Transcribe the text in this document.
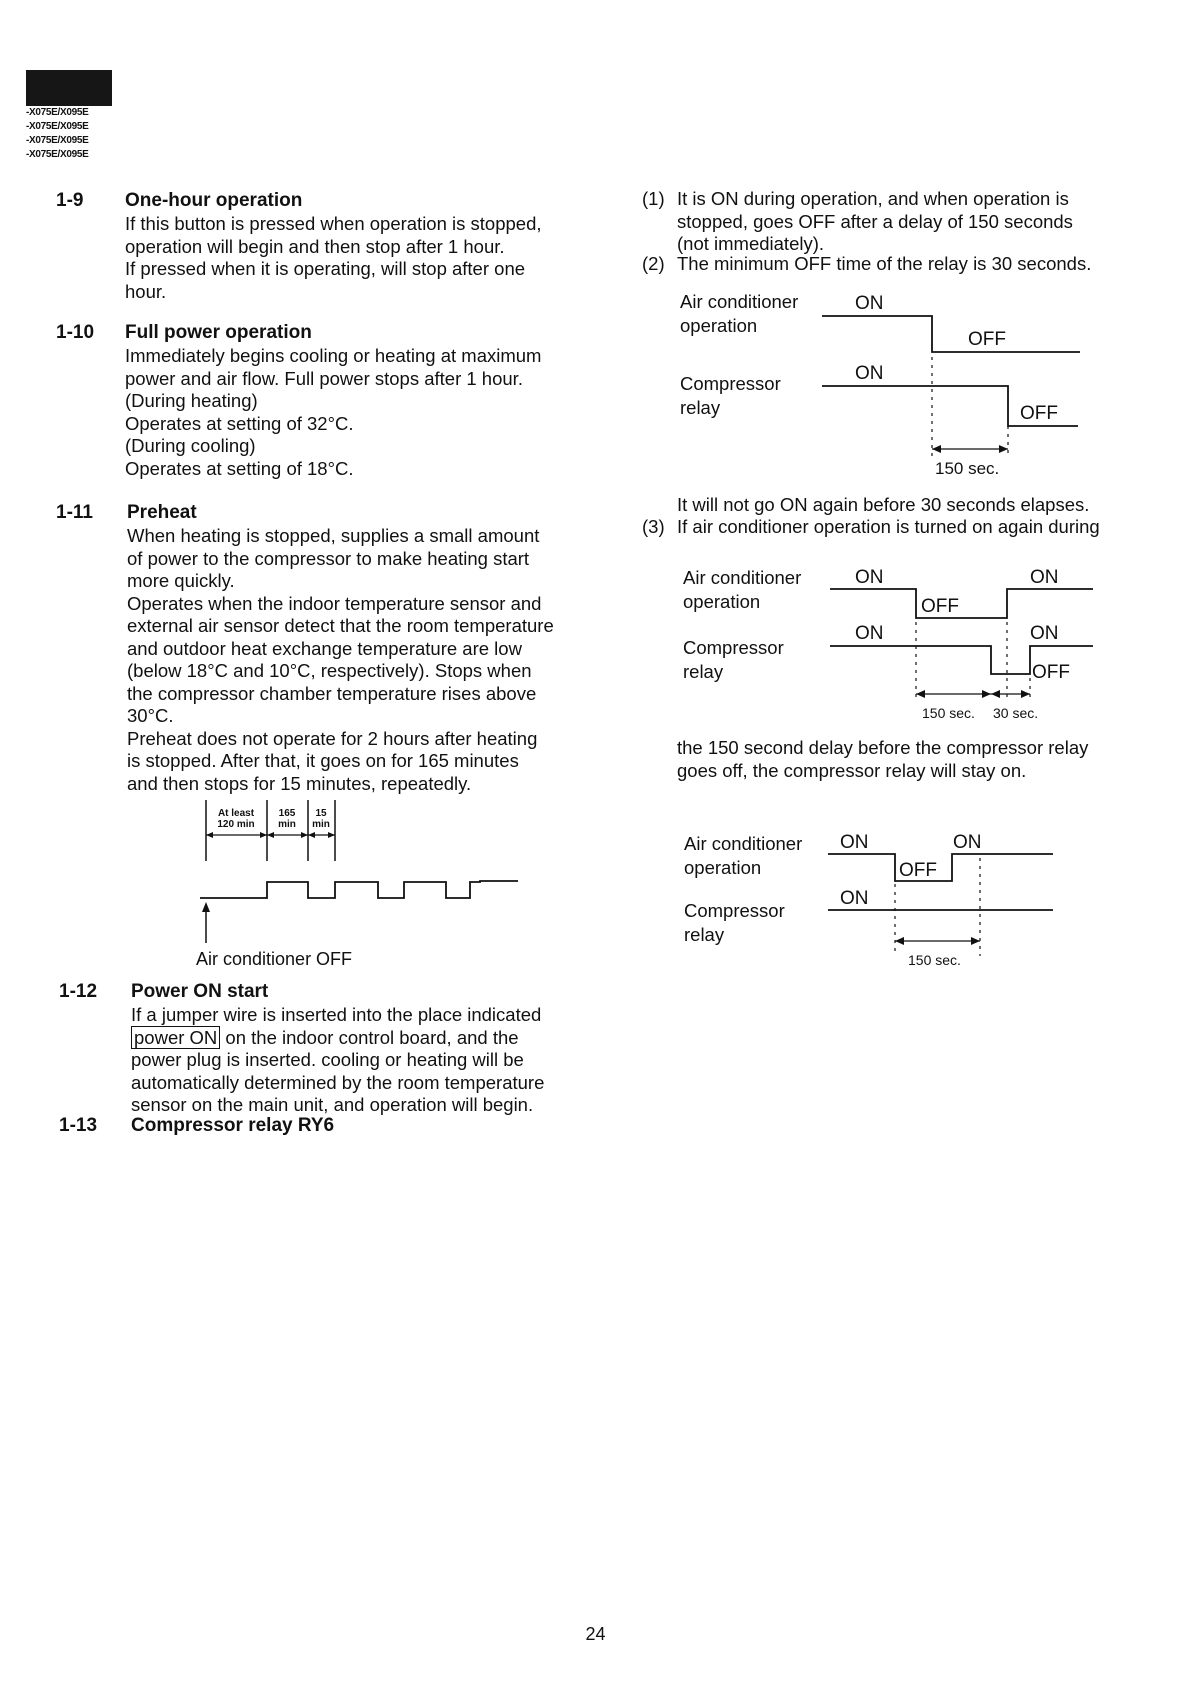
-X075E/X095E
-X075E/X095E
-X075E/X095E
-X075E/X095E
1-9 One-hour operation

If this button is pressed when operation is stopped,

operation will begin and then stop after 1 hour.

If pressed when it is operating, will stop after one

hour.

1-10 Full power operation

Immediately begins cooling or heating at maximum

power and air flow. Full power stops after 1 hour.

(During heating)

Operates at setting of 32°C.

(During cooling)

Operates at setting of 18°C.

1-11 Preheat

When heating is stopped, supplies a small amount

of power to the compressor to make heating start

more quickly.

Operates when the indoor temperature sensor and

external air sensor detect that the room temperature

and outdoor heat exchange temperature are low

(below 18°C and 10°C, respectively). Stops when

the compressor chamber temperature rises above

30°C.

Preheat does not operate for 2 hours after heating

is stopped. After that, it goes on for 165 minutes

and then stops for 15 minutes, repeatedly.

At least
120 min
165
min
15
min
Air conditioner OFF
1-12 Power ON start

If a jumper wire is inserted into the place indicated

power ON on the indoor control board, and the

power plug is inserted. cooling or heating will be

automatically determined by the room temperature

sensor on the main unit, and operation will begin.

1-13 Compressor relay RY6
(1) It is ON during operation, and when operation is

stopped, goes OFF after a delay of 150 seconds

(not immediately).

(2) The minimum OFF time of the relay is 30 seconds.
Air conditioner
operation
Compressor
relay
ON
OFF
ON
OFF
150 sec.
It will not go ON again before 30 seconds elapses.
(3) If air conditioner operation is turned on again during
Air conditioner
operation
Compressor
relay
ON	ON
OFF
ON	ON
OFF
150 sec. 30 sec.

the 150 second delay before the compressor relay

goes off, the compressor relay will stay on.

Air conditioner
operation
Compressor
relay
ON	ON
OFF
ON
150 sec.
24
